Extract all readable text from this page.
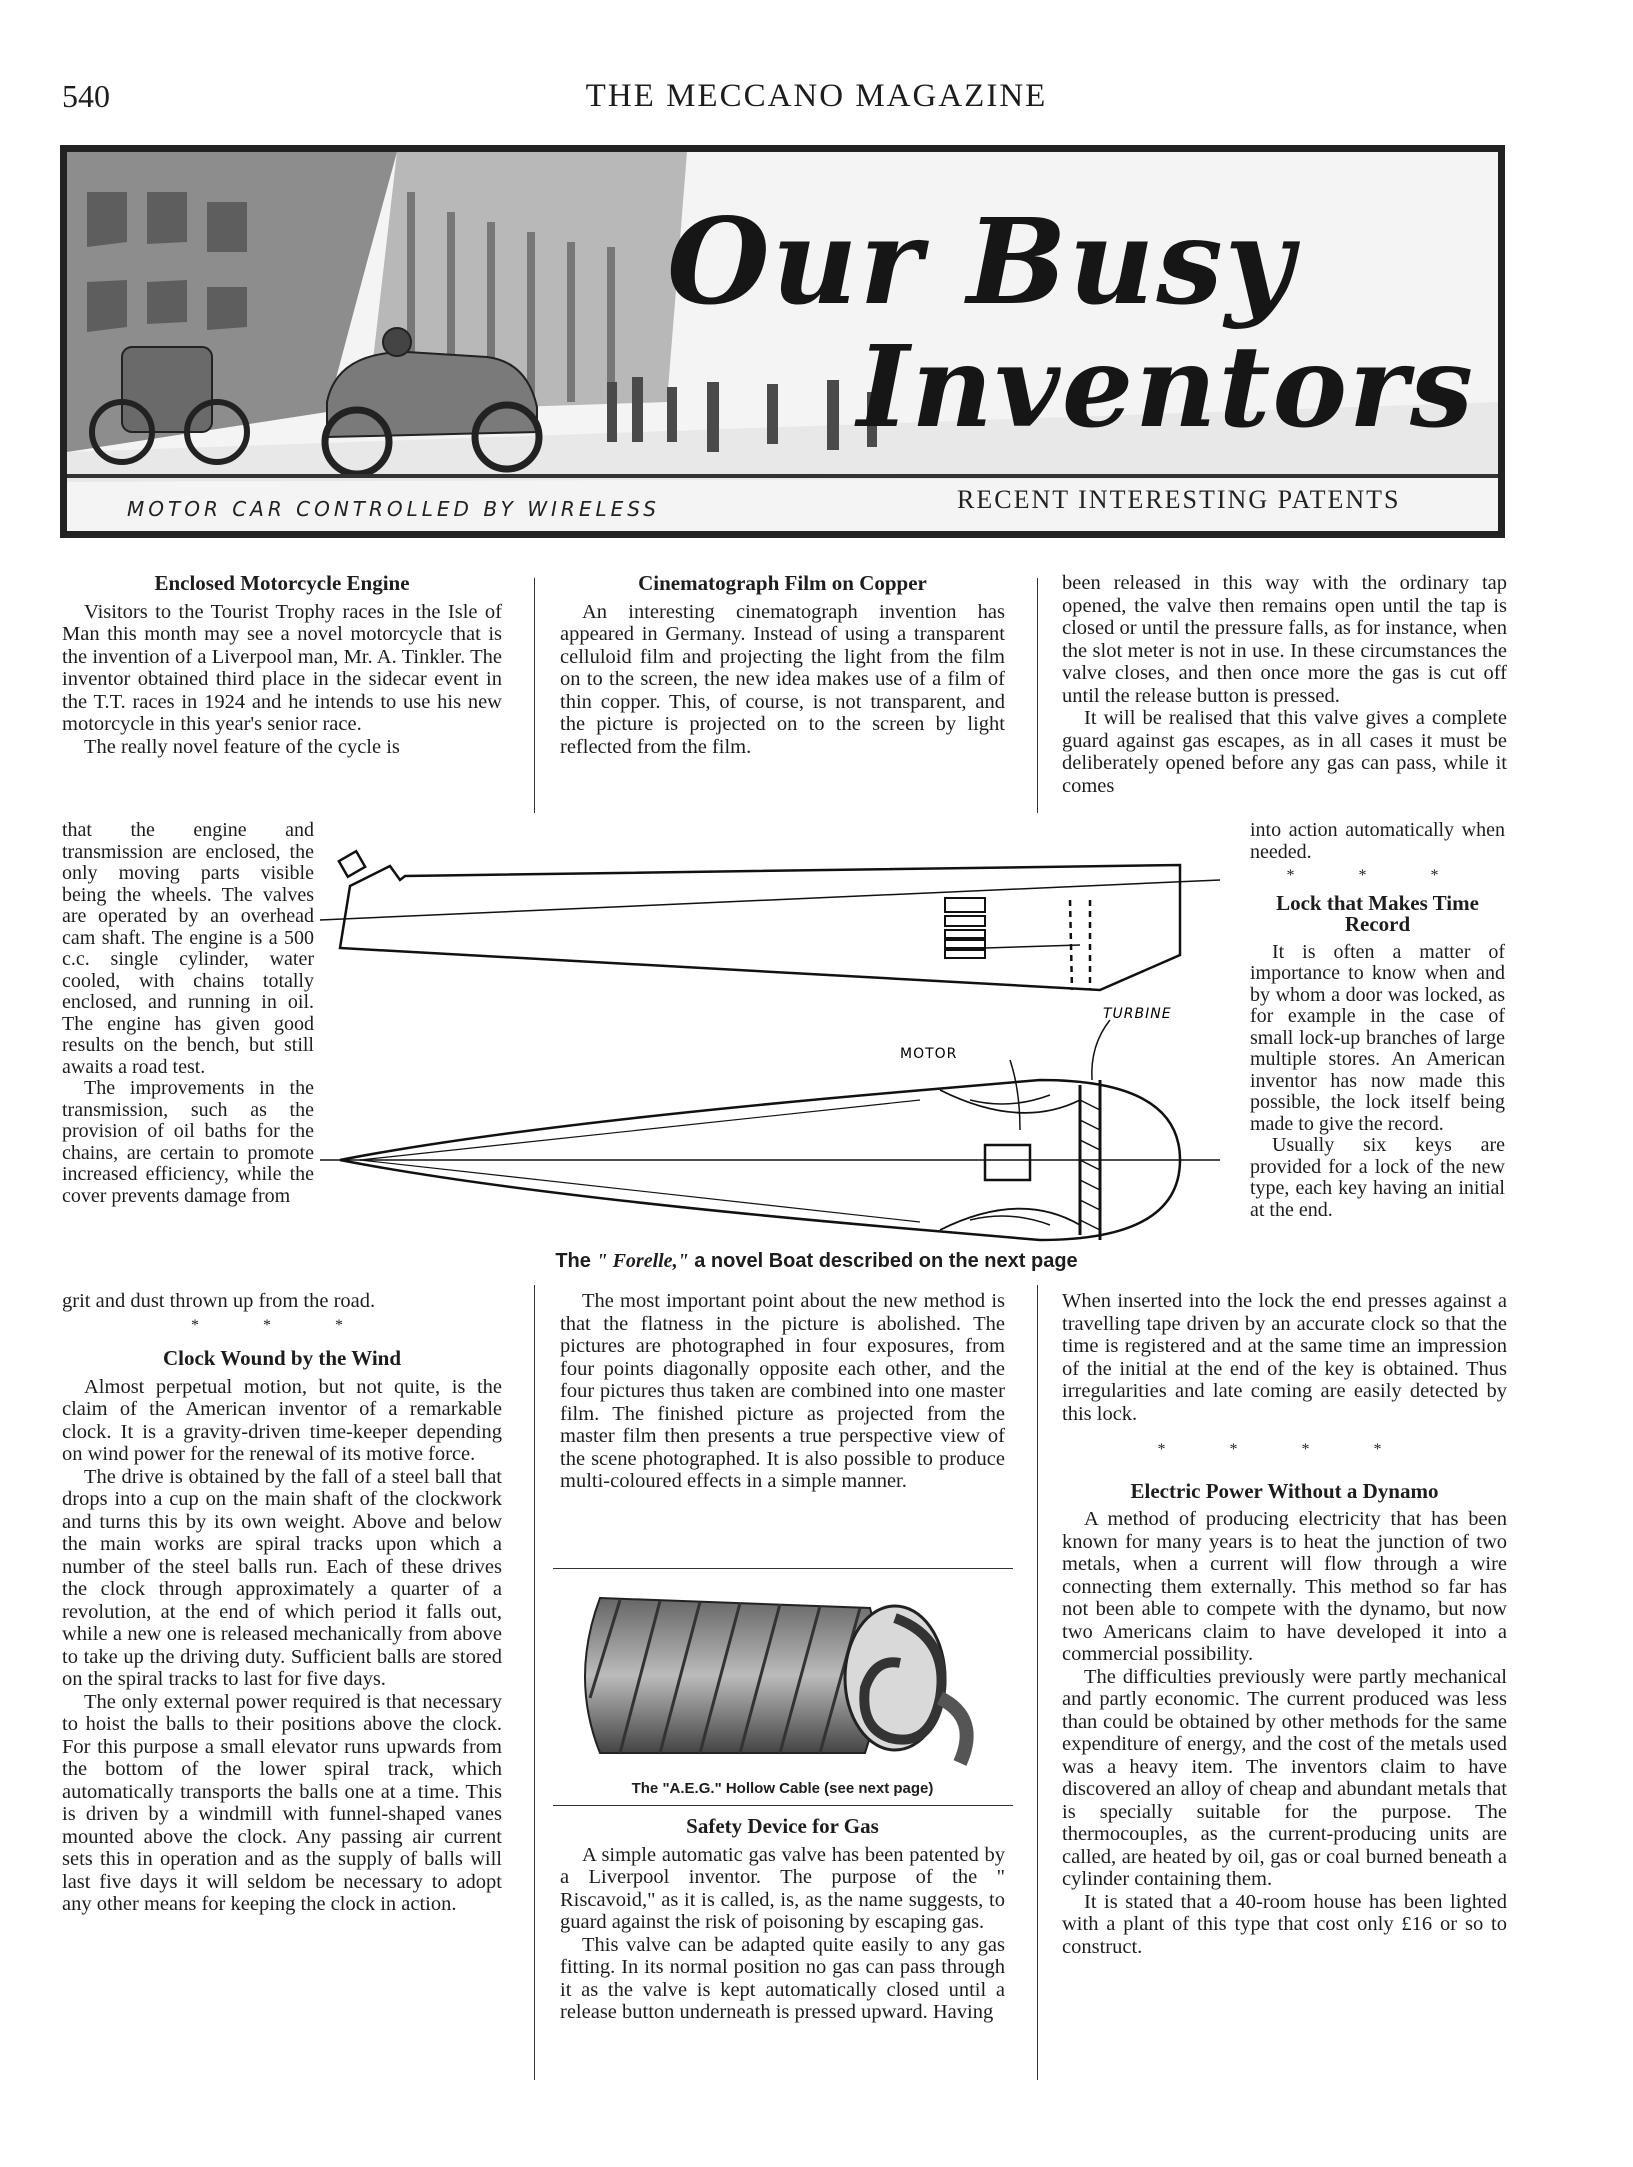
540	THE MECCANO MAGAZINE
Our Busy
Inventors
MOTOR CAR CONTROLLED BY WIRELESS	RECENT INTERESTING PATENTS
Enclosed Motorcycle Engine

Visitors to the Tourist Trophy races in the Isle of Man this month may see a novel motorcycle that is the invention of a Liverpool man, Mr. A. Tinkler. The inventor obtained third place in the sidecar event in the T.T. races in 1924 and he intends to use his new motorcycle in this year's senior race.

The really novel feature of the cycle is

that the engine and transmission are enclosed, the only moving parts visible being the wheels. The valves are operated by an overhead cam shaft. The engine is a 500 c.c. single cylinder, water cooled, with chains totally enclosed, and running in oil. The engine has given good results on the bench, but still awaits a road test.

The improvements in the transmission, such as the provision of oil baths for the chains, are certain to promote increased efficiency, while the cover prevents damage from

grit and dust thrown up from the road.

* * *
Clock Wound by the Wind

Almost perpetual motion, but not quite, is the claim of the American inventor of a remarkable clock. It is a gravity-driven time-keeper depending on wind power for the renewal of its motive force.

The drive is obtained by the fall of a steel ball that drops into a cup on the main shaft of the clockwork and turns this by its own weight. Above and below the main works are spiral tracks upon which a number of the steel balls run. Each of these drives the clock through approximately a quarter of a revolution, at the end of which period it falls out, while a new one is released mechanically from above to take up the driving duty. Sufficient balls are stored on the spiral tracks to last for five days.

The only external power required is that necessary to hoist the balls to their positions above the clock. For this purpose a small elevator runs upwards from the bottom of the lower spiral track, which automatically transports the balls one at a time. This is driven by a windmill with funnel-shaped vanes mounted above the clock. Any passing air current sets this in operation and as the supply of balls will last five days it will seldom be necessary to adopt any other means for keeping the clock in action.

Cinematograph Film on Copper

An interesting cinematograph invention has appeared in Germany. Instead of using a transparent celluloid film and projecting the light from the film on to the screen, the new idea makes use of a film of thin copper. This, of course, is not transparent, and the picture is projected on to the screen by light reflected from the film.

The most important point about the new method is that the flatness in the picture is abolished. The pictures are photographed in four exposures, from four points diagonally opposite each other, and the four pictures thus taken are combined into one master film. The finished picture as projected from the master film then presents a true perspective view of the scene photographed. It is also possible to produce multi-coloured effects in a simple manner.

The "A.E.G." Hollow Cable (see next page)
Safety Device for Gas

A simple automatic gas valve has been patented by a Liverpool inventor. The purpose of the " Riscavoid," as it is called, is, as the name suggests, to guard against the risk of poisoning by escaping gas.

This valve can be adapted quite easily to any gas fitting. In its normal position no gas can pass through it as the valve is kept automatically closed until a release button underneath is pressed upward. Having

been released in this way with the ordinary tap opened, the valve then remains open until the tap is closed or until the pressure falls, as for instance, when the slot meter is not in use. In these circumstances the valve closes, and then once more the gas is cut off until the release button is pressed.

It will be realised that this valve gives a complete guard against gas escapes, as in all cases it must be deliberately opened before any gas can pass, while it comes

into action automatically when needed.

* * *
Lock that Makes Time Record

It is often a matter of importance to know when and by whom a door was locked, as for example in the case of small lock-up branches of large multiple stores. An American inventor has now made this possible, the lock itself being made to give the record.

Usually six keys are provided for a lock of the new type, each key having an initial at the end.

When inserted into the lock the end presses against a travelling tape driven by an accurate clock so that the time is registered and at the same time an impression of the initial at the end of the key is obtained. Thus irregularities and late coming are easily detected by this lock.

* * * *
Electric Power Without a Dynamo

A method of producing electricity that has been known for many years is to heat the junction of two metals, when a current will flow through a wire connecting them externally. This method so far has not been able to compete with the dynamo, but now two Americans claim to have developed it into a commercial possibility.

The difficulties previously were partly mechanical and partly economic. The current produced was less than could be obtained by other methods for the same expenditure of energy, and the cost of the metals used was a heavy item. The inventors claim to have discovered an alloy of cheap and abundant metals that is specially suitable for the purpose. The thermocouples, as the current-producing units are called, are heated by oil, gas or coal burned beneath a cylinder containing them.

It is stated that a 40-room house has been lighted with a plant of this type that cost only £16 or so to construct.

TURBINE
MOTOR
The " Forelle," a novel Boat described on the next page
